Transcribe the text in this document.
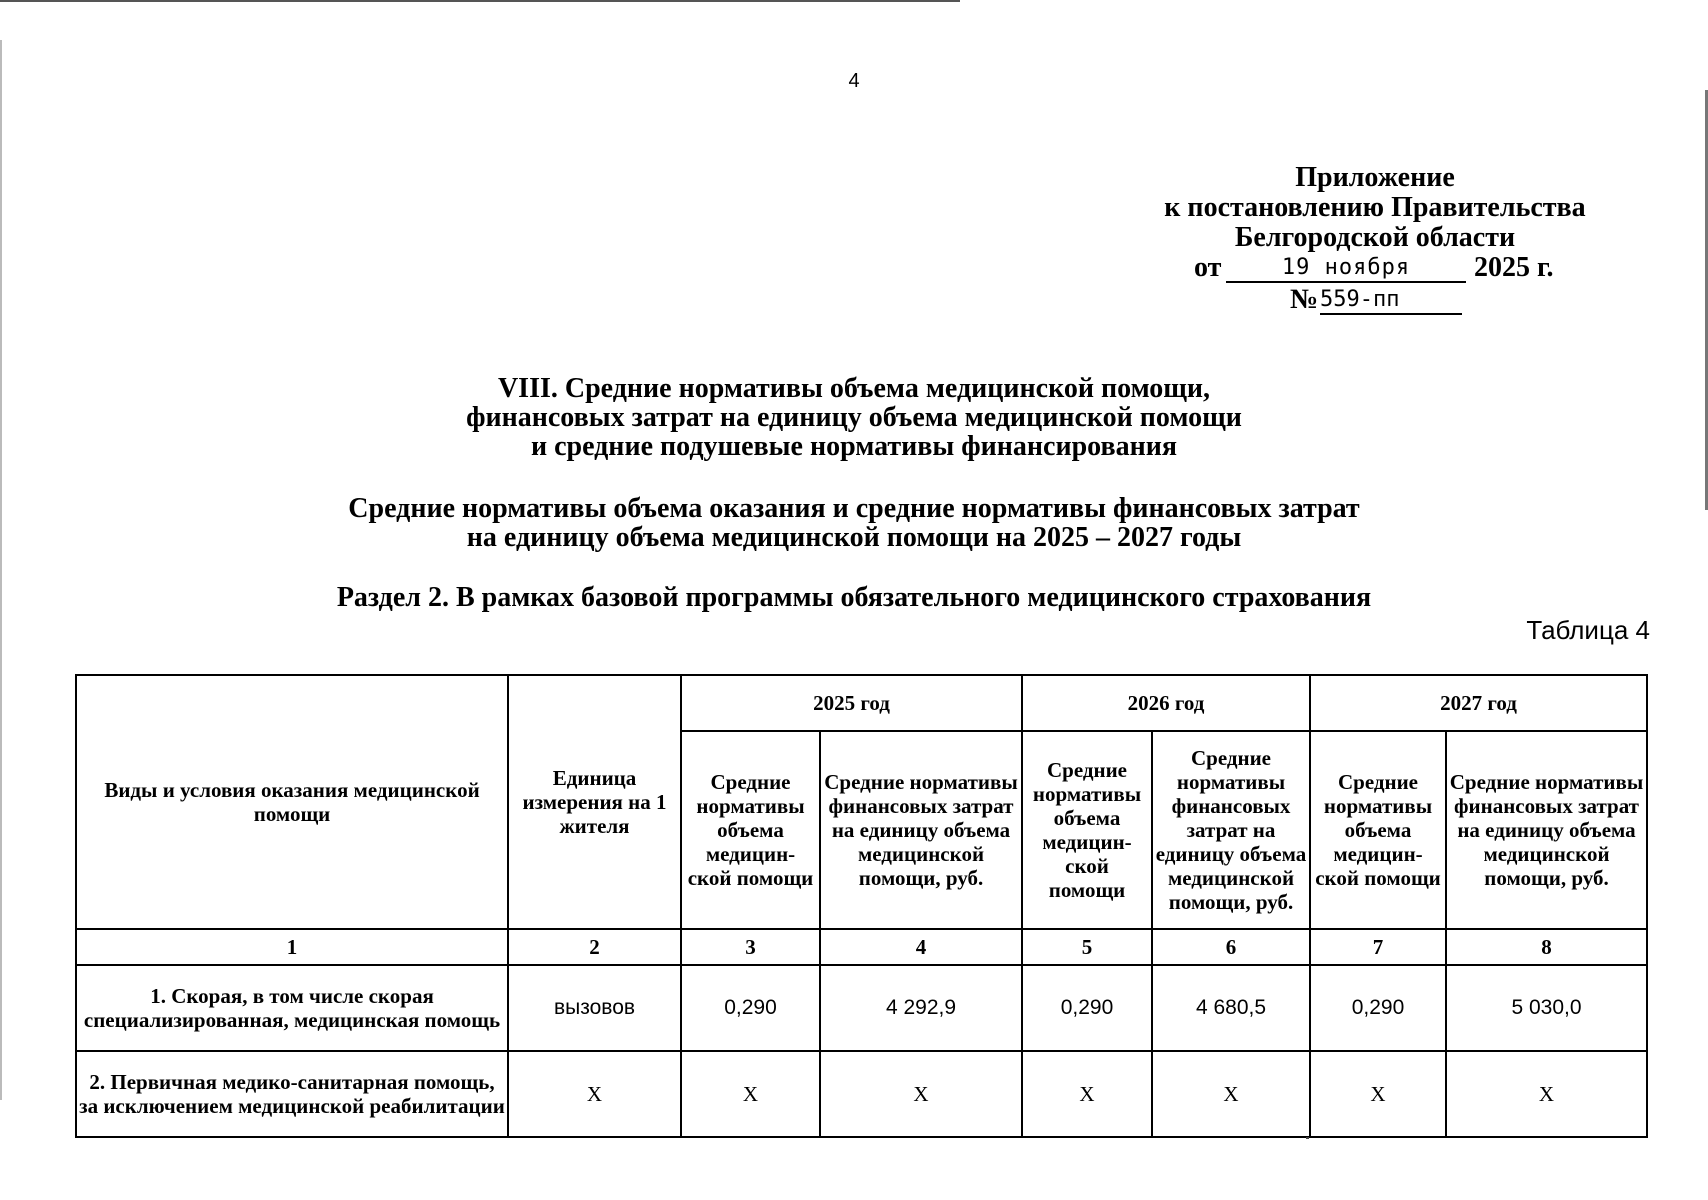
4
Приложение
к постановлению Правительства
Белгородской области
от	19 ноября	2025 г.
№ 559-пп
VIII. Средние нормативы объема медицинской помощи,
финансовых затрат на единицу объема медицинской помощи
и средние подушевые нормативы финансирования
Средние нормативы объема оказания и средние нормативы финансовых затрат
на единицу объема медицинской помощи на 2025 – 2027 годы
Раздел 2. В рамках базовой программы обязательного медицинского страхования
Таблица 4
Виды и условия оказания медицинской помощи	Единица измерения на 1 жителя	2025 год		2026 год		2027 год	
		Средние нормативы объема медицин-ской помощи	Средние нормативы финансовых затрат на единицу объема медицинской помощи, руб.	Средние нормативы объема медицин-ской помощи	Средние нормативы финансовых затрат на единицу объема медицинской помощи, руб.	Средние нормативы объема медицин-ской помощи	Средние нормативы финансовых затрат на единицу объема медицинской помощи, руб.
1	2	3	4	5	6	7	8
1. Скорая, в том числе скорая специализированная, медицинская помощь	вызовов	0,290	4 292,9	0,290	4 680,5	0,290	5 030,0
2. Первичная медико-санитарная помощь, за исключением медицинской реабилитации	Х	Х	Х	Х	Х	Х	Х
